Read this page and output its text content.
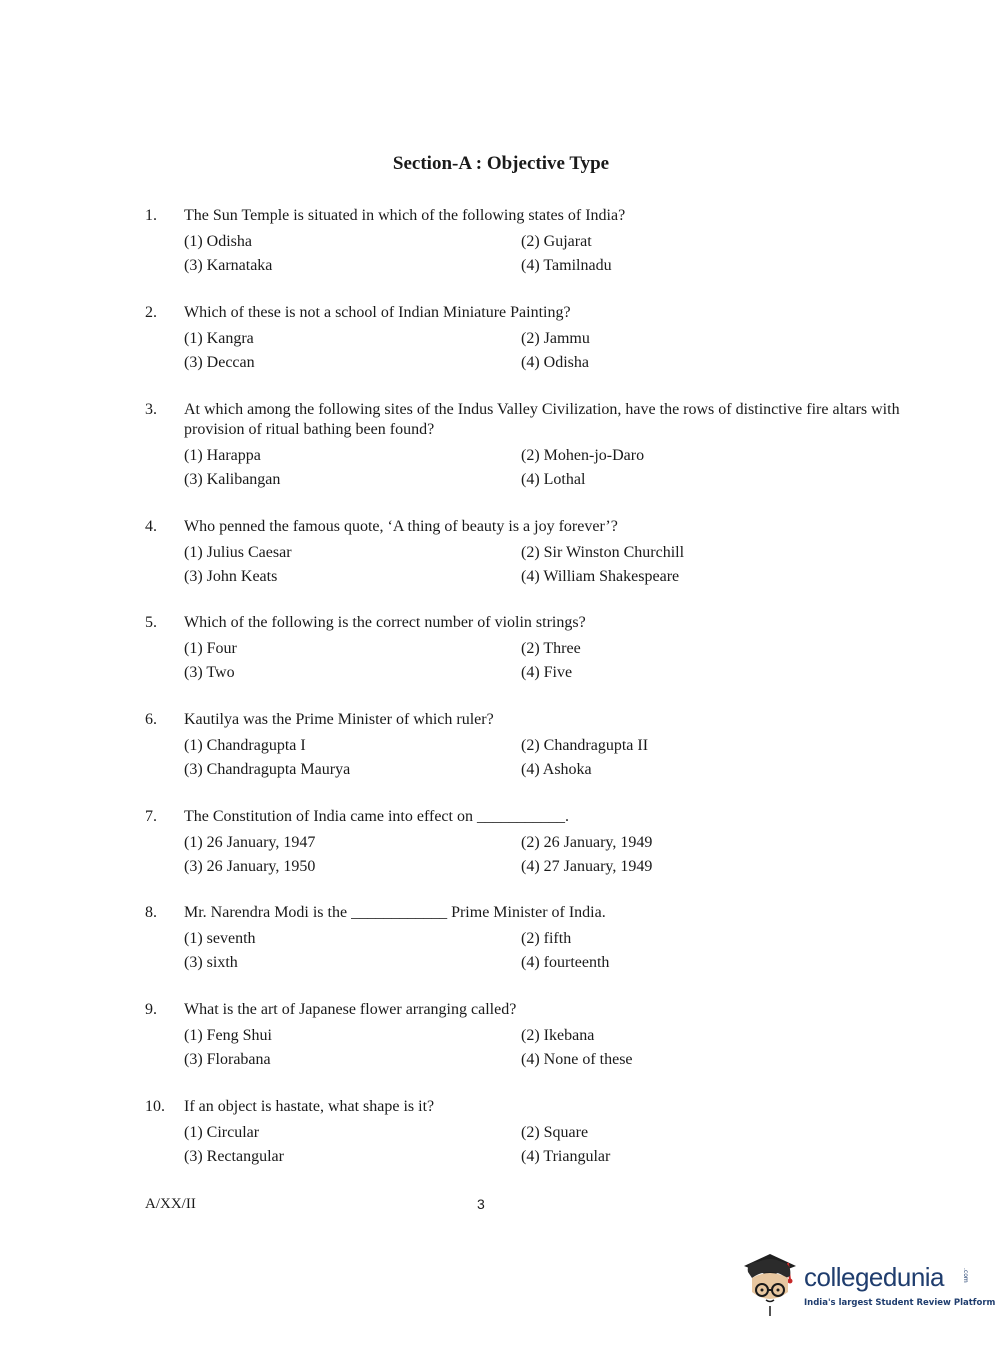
Section-A : Objective Type
1. The Sun Temple is situated in which of the following states of India?
(1) Odisha	(2) Gujarat
(3) Karnataka	(4) Tamilnadu
2. Which of these is not a school of Indian Miniature Painting?
(1) Kangra	(2) Jammu
(3) Deccan	(4) Odisha
3. At which among the following sites of the Indus Valley Civilization, have the rows of distinctive fire altars with provision of ritual bathing been found?
(1) Harappa	(2) Mohen-jo-Daro
(3) Kalibangan	(4) Lothal
4. Who penned the famous quote, ‘A thing of beauty is a joy forever’?
(1) Julius Caesar	(2) Sir Winston Churchill
(3) John Keats	(4) William Shakespeare
5. Which of the following is the correct number of violin strings?
(1) Four	(2) Three
(3) Two	(4) Five
6. Kautilya was the Prime Minister of which ruler?
(1) Chandragupta I	(2) Chandragupta II
(3) Chandragupta Maurya	(4) Ashoka
7. The Constitution of India came into effect on ___________.
(1) 26 January, 1947	(2) 26 January, 1949
(3) 26 January, 1950	(4) 27 January, 1949
8. Mr. Narendra Modi is the ____________ Prime Minister of India.
(1) seventh	(2) fifth
(3) sixth	(4) fourteenth
9. What is the art of Japanese flower arranging called?
(1) Feng Shui	(2) Ikebana
(3) Florabana	(4) None of these
10. If an object is hastate, what shape is it?
(1) Circular	(2) Square
(3) Rectangular	(4) Triangular
A/XX/II	3
collegedunia	.com
India's largest Student Review Platform
